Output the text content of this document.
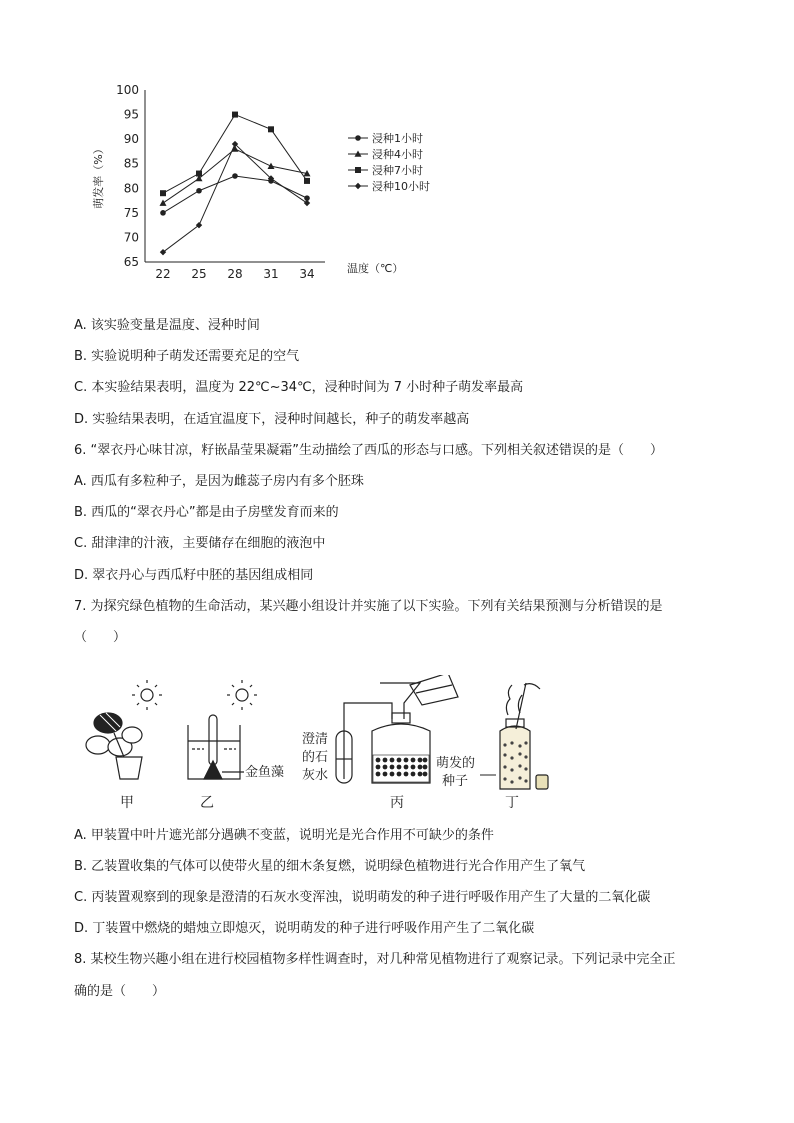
65
70
75
80
85
90
95
100
22 25 28 31 34
萌发率（%）
温度（℃）
浸种1小时
浸种4小时
浸种7小时
浸种10小时
A. 该实验变量是温度、浸种时间
B. 实验说明种子萌发还需要充足的空气
C. 本实验结果表明，温度为 22℃~34℃，浸种时间为 7 小时种子萌发率最高
D. 实验结果表明，在适宜温度下，浸种时间越长，种子的萌发率越高
6. “翠衣丹心味甘凉，籽嵌晶莹果凝霜”生动描绘了西瓜的形态与口感。下列相关叙述错误的是（　　）
A. 西瓜有多粒种子，是因为雌蕊子房内有多个胚珠
B. 西瓜的“翠衣丹心”都是由子房壁发育而来的
C. 甜津津的汁液，主要储存在细胞的液泡中
D. 翠衣丹心与西瓜籽中胚的基因组成相同
7. 为探究绿色植物的生命活动，某兴趣小组设计并实施了以下实验。下列有关结果预测与分析错误的是
（　　）
金鱼藻
澄清
的石
灰水
萌发的
种子
甲	乙	丙	丁
A. 甲装置中叶片遮光部分遇碘不变蓝，说明光是光合作用不可缺少的条件
B. 乙装置收集的气体可以使带火星的细木条复燃，说明绿色植物进行光合作用产生了氧气
C. 丙装置观察到的现象是澄清的石灰水变浑浊，说明萌发的种子进行呼吸作用产生了大量的二氧化碳
D. 丁装置中燃烧的蜡烛立即熄灭，说明萌发的种子进行呼吸作用产生了二氧化碳
8. 某校生物兴趣小组在进行校园植物多样性调查时，对几种常见植物进行了观察记录。下列记录中完全正
确的是（　　）
